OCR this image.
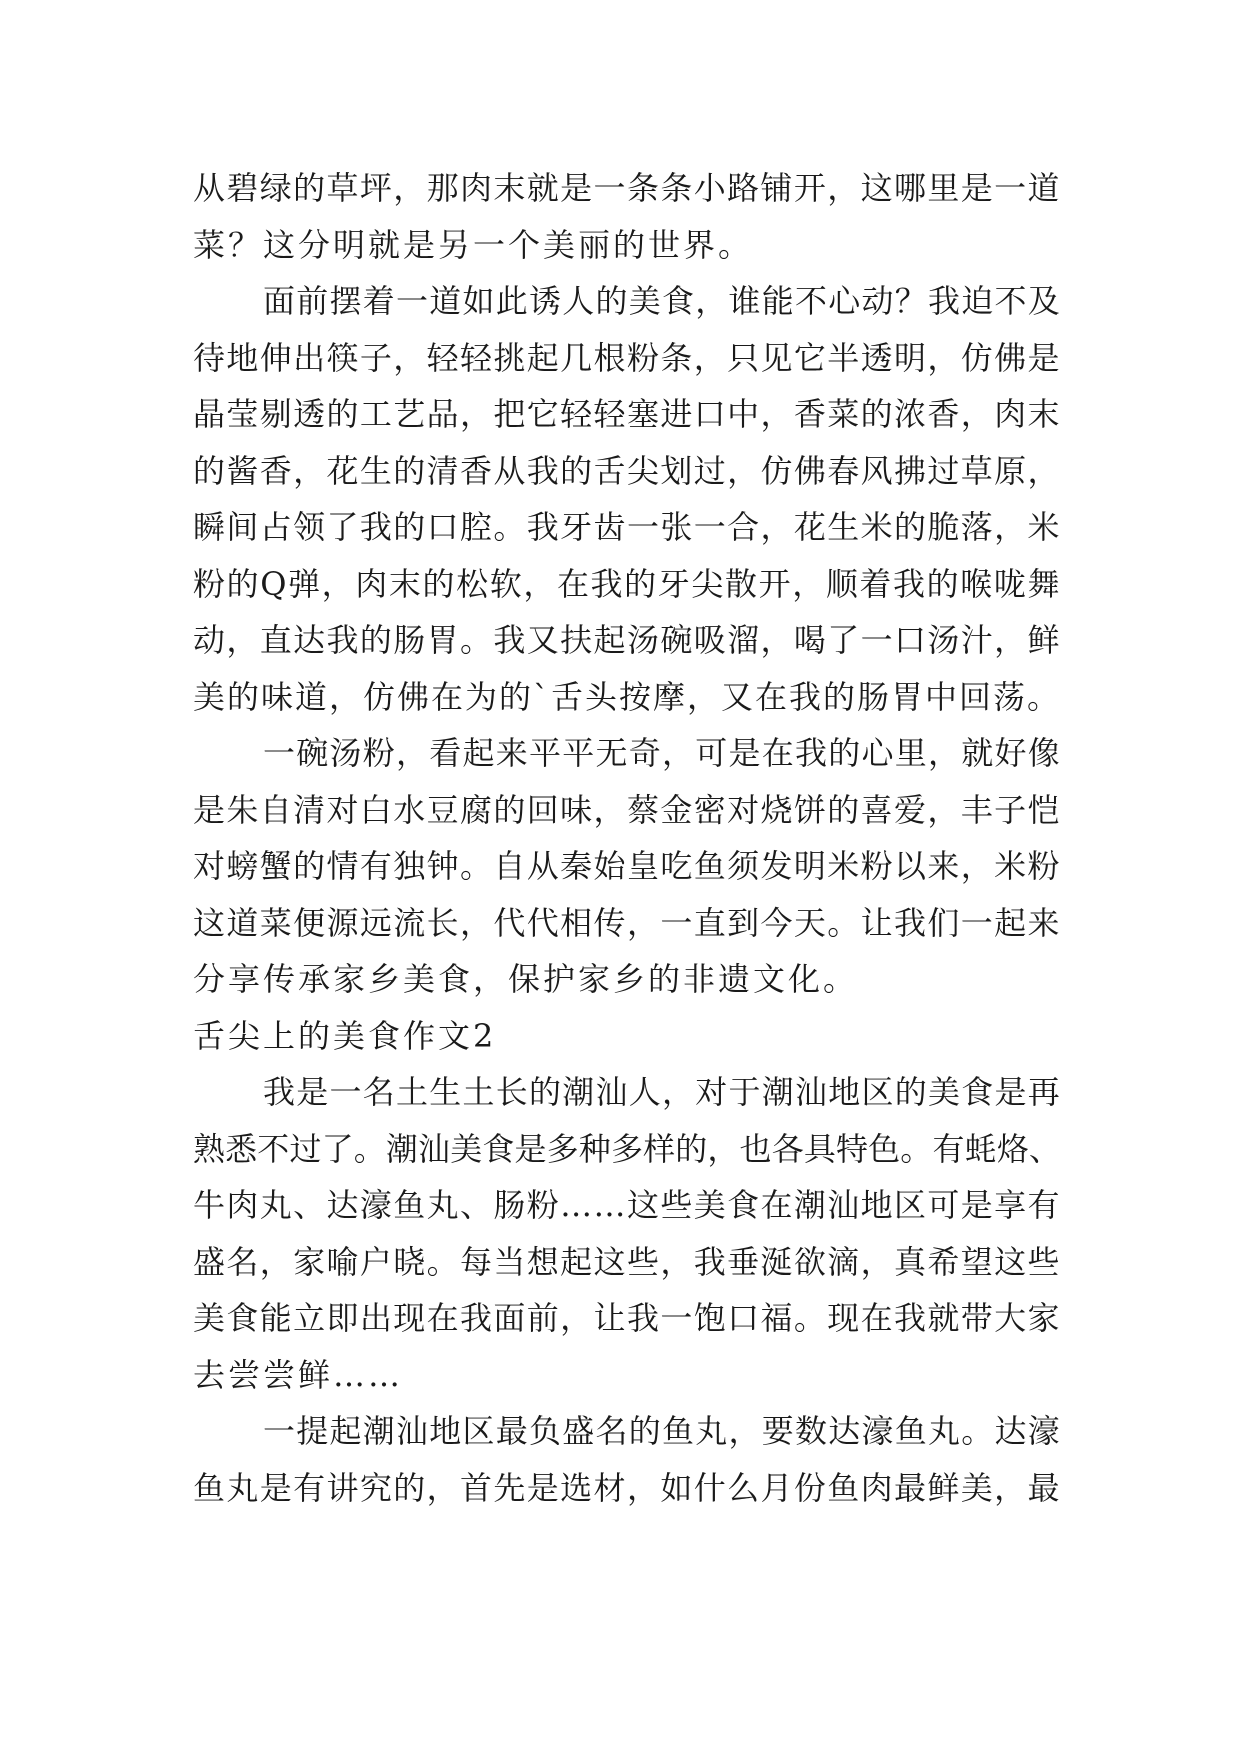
从碧绿的草坪，那肉末就是一条条小路铺开，这哪里是一道
菜？这分明就是另一个美丽的世界。
面前摆着一道如此诱人的美食，谁能不心动？我迫不及
待地伸出筷子，轻轻挑起几根粉条，只见它半透明，仿佛是
晶莹剔透的工艺品，把它轻轻塞进口中，香菜的浓香，肉末
的酱香，花生的清香从我的舌尖划过，仿佛春风拂过草原，
瞬间占领了我的口腔。我牙齿一张一合，花生米的脆落，米
粉的Q弹，肉末的松软，在我的牙尖散开，顺着我的喉咙舞
动，直达我的肠胃。我又扶起汤碗吸溜，喝了一口汤汁，鲜
美的味道，仿佛在为的`舌头按摩，又在我的肠胃中回荡。
一碗汤粉，看起来平平无奇，可是在我的心里，就好像
是朱自清对白水豆腐的回味，蔡金密对烧饼的喜爱，丰子恺
对螃蟹的情有独钟。自从秦始皇吃鱼须发明米粉以来，米粉
这道菜便源远流长，代代相传，一直到今天。让我们一起来
分享传承家乡美食，保护家乡的非遗文化。
舌尖上的美食作文2
我是一名土生土长的潮汕人，对于潮汕地区的美食是再
熟悉不过了。潮汕美食是多种多样的，也各具特色。有蚝烙、
牛肉丸、达濠鱼丸、肠粉……这些美食在潮汕地区可是享有
盛名，家喻户晓。每当想起这些，我垂涎欲滴，真希望这些
美食能立即出现在我面前，让我一饱口福。现在我就带大家
去尝尝鲜……
一提起潮汕地区最负盛名的鱼丸，要数达濠鱼丸。达濠
鱼丸是有讲究的，首先是选材，如什么月份鱼肉最鲜美，最
